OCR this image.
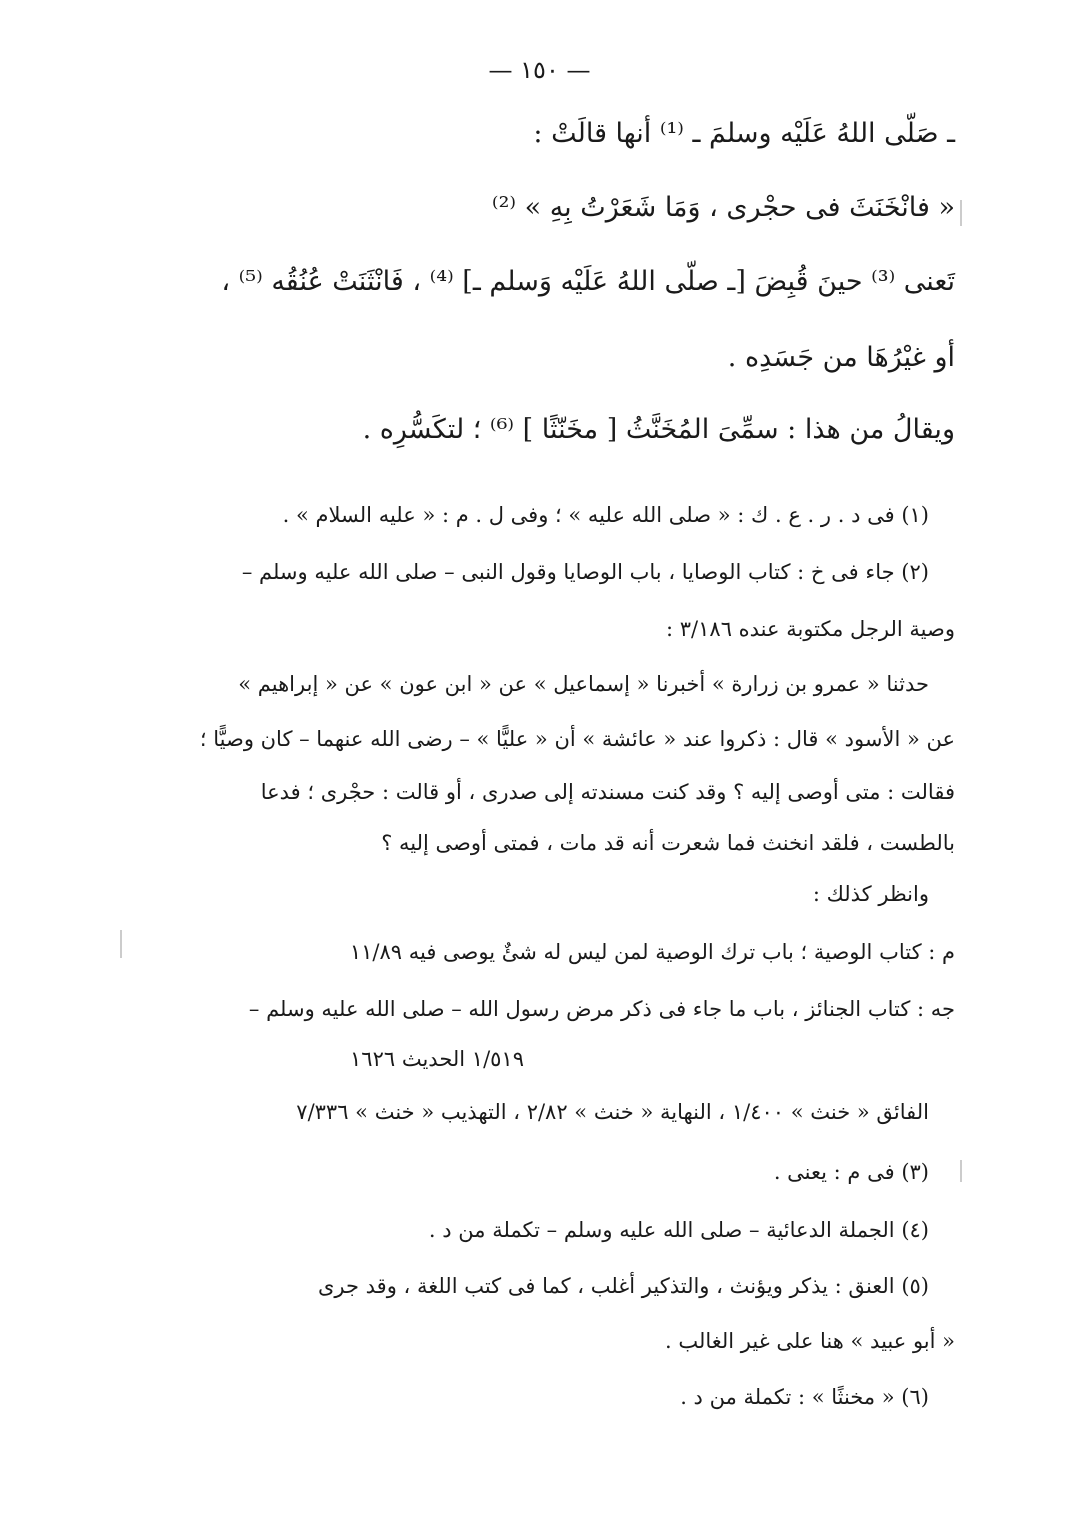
— ١٥٠ —
ـ صَلّى اللهُ عَلَيْه وسلمَ ـ ⁽¹⁾ أنها قالَتْ :
« فانْخَنَثَ فى حجْرى ، وَمَا شَعَرْتُ بِهِ » ⁽²⁾
تَعنى ⁽³⁾ حينَ قُبِضَ [ـ صلّى اللهُ عَلَيْه وَسلم ـ] ⁽⁴⁾ ، فَانْثَنَتْ عُنُقُه ⁽⁵⁾ ،
أو غيْرُهَا من جَسَدِه .
ويقالُ من هذا : سمِّىَ المُخَنَّثُ [ مخَنّثًا ] ⁽⁶⁾ ؛ لتكَسُّرِه .
(١) فى د . ر . ع . ك : « صلى الله عليه » ؛ وفى ل . م : « عليه السلام » .
(٢) جاء فى خ : كتاب الوصايا ، باب الوصايا وقول النبى – صلى الله عليه وسلم –
وصية الرجل مكتوبة عنده ٣/١٨٦ :
حدثنا « عمرو بن زرارة » أخبرنا « إسماعيل » عن « ابن عون » عن « إبراهيم »
عن « الأسود » قال : ذكروا عند « عائشة » أن « عليًّا » – رضى الله عنهما – كان وصيًّا ؛
فقالت : متى أوصى إليه ؟ وقد كنت مسندته إلى صدرى ، أو قالت : حجْرى ؛ فدعا
بالطست ، فلقد انخنث فما شعرت أنه قد مات ، فمتى أوصى إليه ؟
وانظر كذلك :
م : كتاب الوصية ؛ باب ترك الوصية لمن ليس له شئٌ يوصى فيه ١١/٨٩
جه : كتاب الجنائز ، باب ما جاء فى ذكر مرض رسول الله – صلى الله عليه وسلم –
١/٥١٩ الحديث ١٦٢٦
الفائق « خنث » ١/٤٠٠ ، النهاية « خنث » ٢/٨٢ ، التهذيب « خنث » ٧/٣٣٦
(٣) فى م : يعنى .
(٤) الجملة الدعائية – صلى الله عليه وسلم – تكملة من د .
(٥) العنق : يذكر ويؤنث ، والتذكير أغلب ، كما فى كتب اللغة ، وقد جرى
« أبو عبيد » هنا على غير الغالب .
(٦) « مخنثًا » : تكملة من د .
